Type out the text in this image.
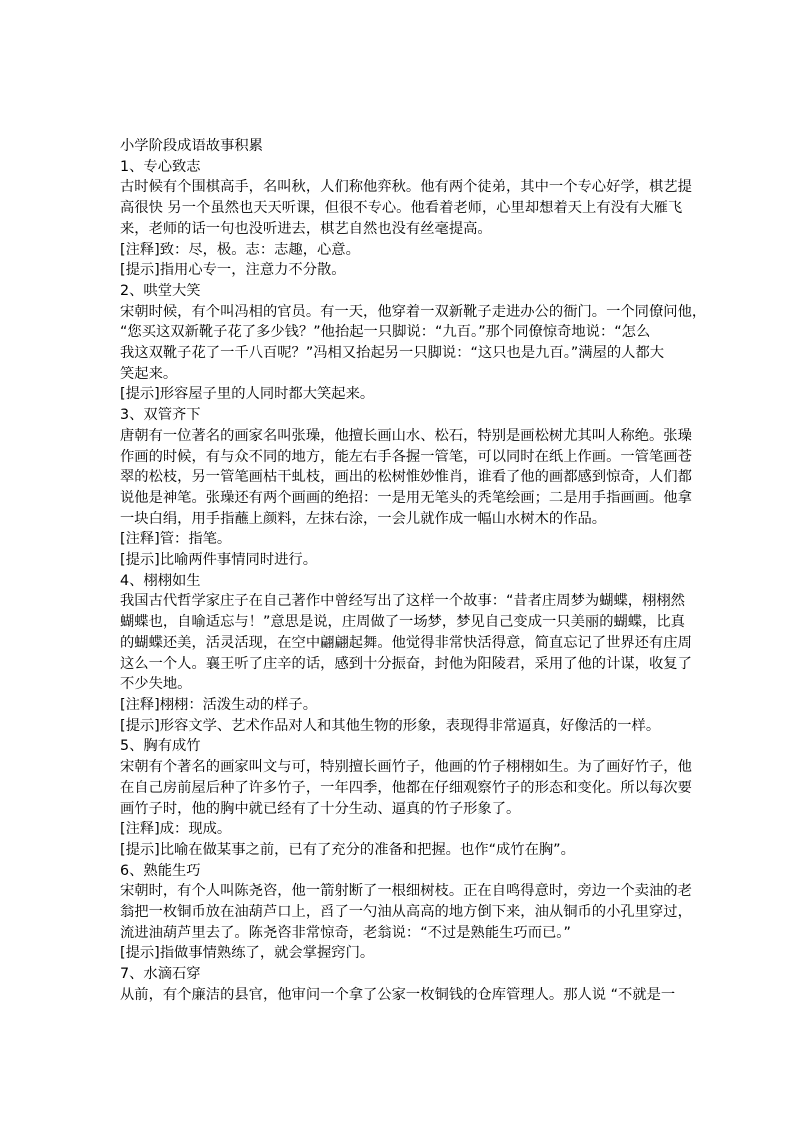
小学阶段成语故事积累
1、专心致志
古时候有个围棋高手，名叫秋，人们称他弈秋。他有两个徒弟，其中一个专心好学，棋艺提
高很快 另一个虽然也天天听课，但很不专心。他看着老师，心里却想着天上有没有大雁飞
来，老师的话一句也没听进去，棋艺自然也没有丝毫提高。
[注释]致：尽，极。志：志趣，心意。
[提示]指用心专一，注意力不分散。
2、哄堂大笑
宋朝时候，有个叫冯相的官员。有一天，他穿着一双新靴子走进办公的衙门。一个同僚问他，
“您买这双新靴子花了多少钱？”他抬起一只脚说：“九百。”那个同僚惊奇地说：“怎么
我这双靴子花了一千八百呢？”冯相又抬起另一只脚说：“这只也是九百。”满屋的人都大
笑起来。
[提示]形容屋子里的人同时都大笑起来。
3、双管齐下
唐朝有一位著名的画家名叫张璪，他擅长画山水、松石，特别是画松树尤其叫人称绝。张璪
作画的时候，有与众不同的地方，能左右手各握一管笔，可以同时在纸上作画。一管笔画苍
翠的松枝，另一管笔画枯干虬枝，画出的松树惟妙惟肖，谁看了他的画都感到惊奇，人们都
说他是神笔。张璪还有两个画画的绝招：一是用无笔头的秃笔绘画；二是用手指画画。他拿
一块白绢，用手指蘸上颜料，左抹右涂，一会儿就作成一幅山水树木的作品。
[注释]管：指笔。
[提示]比喻两件事情同时进行。
4、栩栩如生
我国古代哲学家庄子在自己著作中曾经写出了这样一个故事：“昔者庄周梦为蝴蝶，栩栩然
蝴蝶也，自喻适忘与！”意思是说，庄周做了一场梦，梦见自己变成一只美丽的蝴蝶，比真
的蝴蝶还美，活灵活现，在空中翩翩起舞。他觉得非常快活得意，简直忘记了世界还有庄周
这么一个人。襄王听了庄辛的话，感到十分振奋，封他为阳陵君，采用了他的计谋，收复了
不少失地。
[注释]栩栩：活泼生动的样子。
[提示]形容文学、艺术作品对人和其他生物的形象，表现得非常逼真，好像活的一样。
5、胸有成竹
宋朝有个著名的画家叫文与可，特别擅长画竹子，他画的竹子栩栩如生。为了画好竹子，他
在自己房前屋后种了许多竹子，一年四季，他都在仔细观察竹子的形态和变化。所以每次要
画竹子时，他的胸中就已经有了十分生动、逼真的竹子形象了。
[注释]成：现成。
[提示]比喻在做某事之前，已有了充分的准备和把握。也作“成竹在胸”。
6、熟能生巧
宋朝时，有个人叫陈尧咨，他一箭射断了一根细树枝。正在自鸣得意时，旁边一个卖油的老
翁把一枚铜币放在油葫芦口上，舀了一勺油从高高的地方倒下来，油从铜币的小孔里穿过，
流进油葫芦里去了。陈尧咨非常惊奇，老翁说：“不过是熟能生巧而已。”
[提示]指做事情熟练了，就会掌握窍门。
7、水滴石穿
从前，有个廉洁的县官，他审问一个拿了公家一枚铜钱的仓库管理人。那人说 “不就是一
